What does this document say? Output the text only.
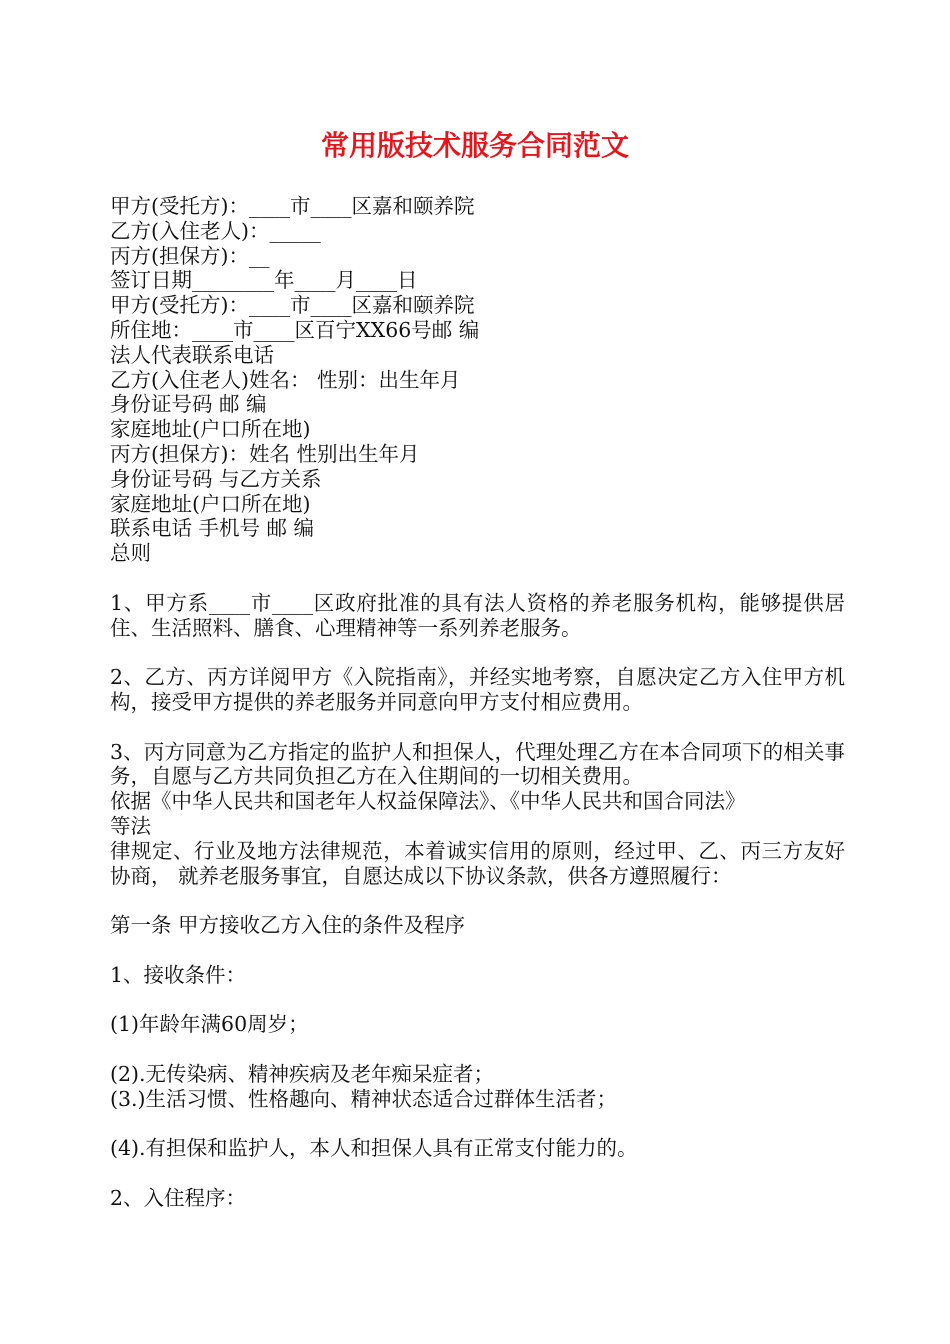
常用版技术服务合同范文
甲方(受托方)：____市____区嘉和颐养院
乙方(入住老人)：_____
丙方(担保方)：__
签订日期________年____月____日
甲方(受托方)：____市____区嘉和颐养院
所住地：____市____区百宁XX66号邮 编
法人代表联系电话
乙方(入住老人)姓名： 性别：出生年月
身份证号码 邮 编
家庭地址(户口所在地)
丙方(担保方)：姓名 性别出生年月
身份证号码 与乙方关系
家庭地址(户口所在地)
联系电话 手机号 邮 编
总则
1、甲方系____市____区政府批准的具有法人资格的养老服务机构，能够提供居住、生活照料、膳食、心理精神等一系列养老服务。
2、乙方、丙方详阅甲方《入院指南》，并经实地考察，自愿决定乙方入住甲方机构，接受甲方提供的养老服务并同意向甲方支付相应费用。
3、丙方同意为乙方指定的监护人和担保人，代理处理乙方在本合同项下的相关事务，自愿与乙方共同负担乙方在入住期间的一切相关费用。
依据《中华人民共和国老年人权益保障法》、《中华人民共和国合同法》
等法
律规定、行业及地方法律规范，本着诚实信用的原则，经过甲、乙、丙三方友好协商， 就养老服务事宜，自愿达成以下协议条款，供各方遵照履行：
第一条 甲方接收乙方入住的条件及程序
1、接收条件：
(1)年龄年满60周岁；
(2).无传染病、精神疾病及老年痴呆症者；
(3.)生活习惯、性格趣向、精神状态适合过群体生活者；
(4).有担保和监护人，本人和担保人具有正常支付能力的。
2、入住程序：
